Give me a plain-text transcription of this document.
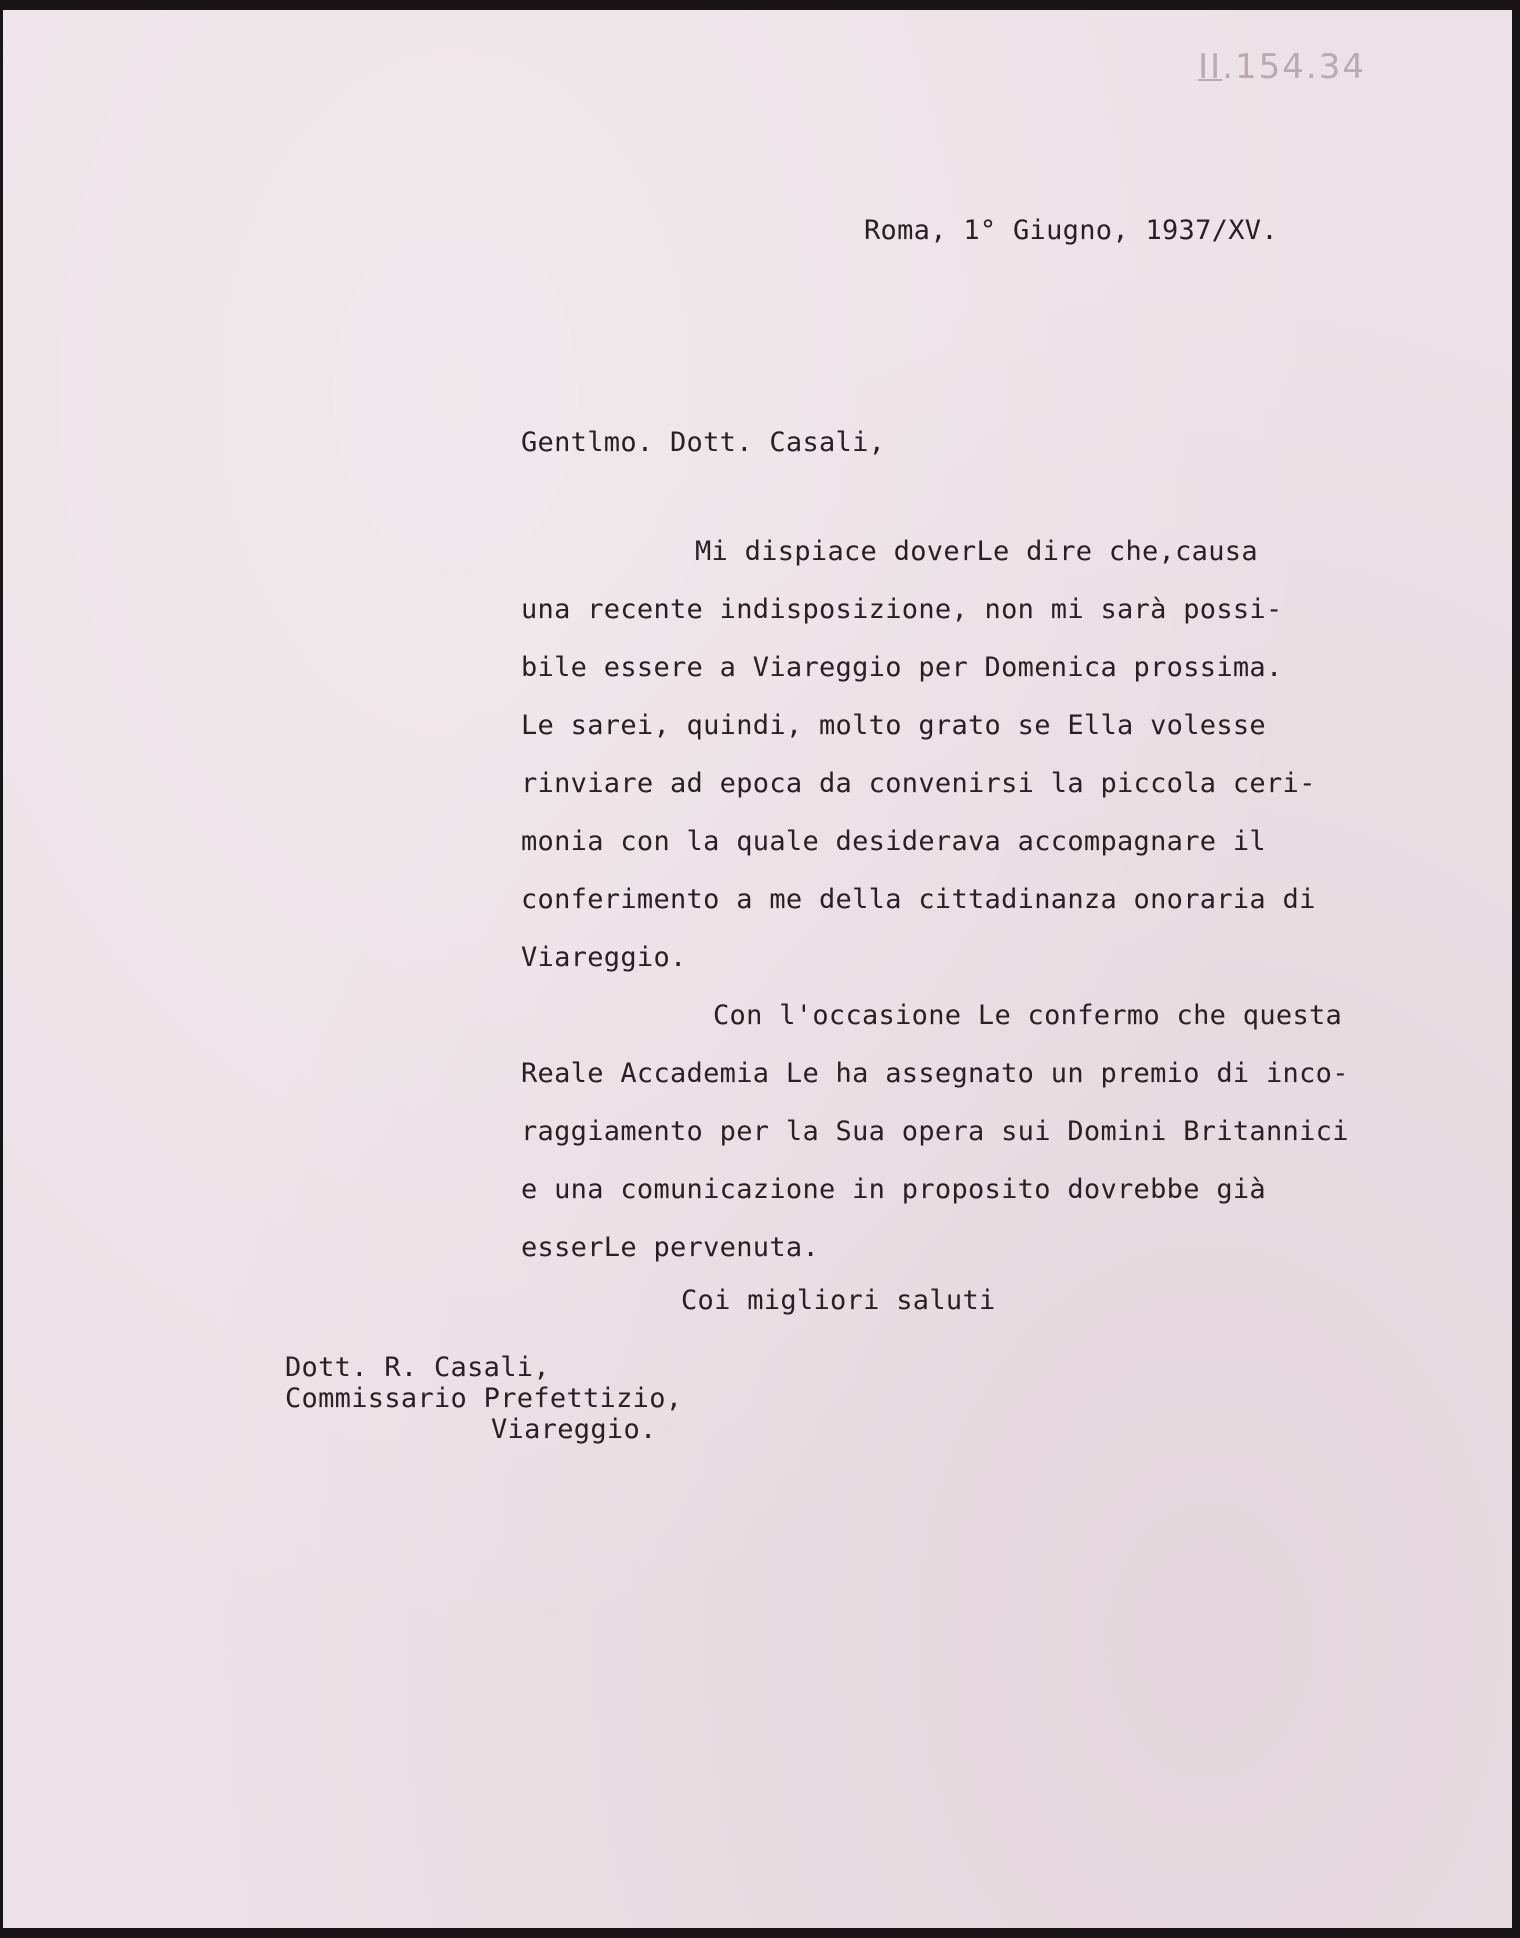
II.154.34
Roma, 1° Giugno, 1937/XV.
Gentlmo. Dott. Casali,
Mi dispiace doverLe dire che,causa
una recente indisposizione, non mi sarà possi-
bile essere a Viareggio per Domenica prossima.
Le sarei, quindi, molto grato se Ella volesse
rinviare ad epoca da convenirsi la piccola ceri-
monia con la quale desiderava accompagnare il
conferimento a me della cittadinanza onoraria di
Viareggio.
Con l'occasione Le confermo che questa
Reale Accademia Le ha assegnato un premio di inco-
raggiamento per la Sua opera sui Domini Britannici
e una comunicazione in proposito dovrebbe già
esserLe pervenuta.
Coi migliori saluti
Dott. R. Casali,
Commissario Prefettizio,
Viareggio.
